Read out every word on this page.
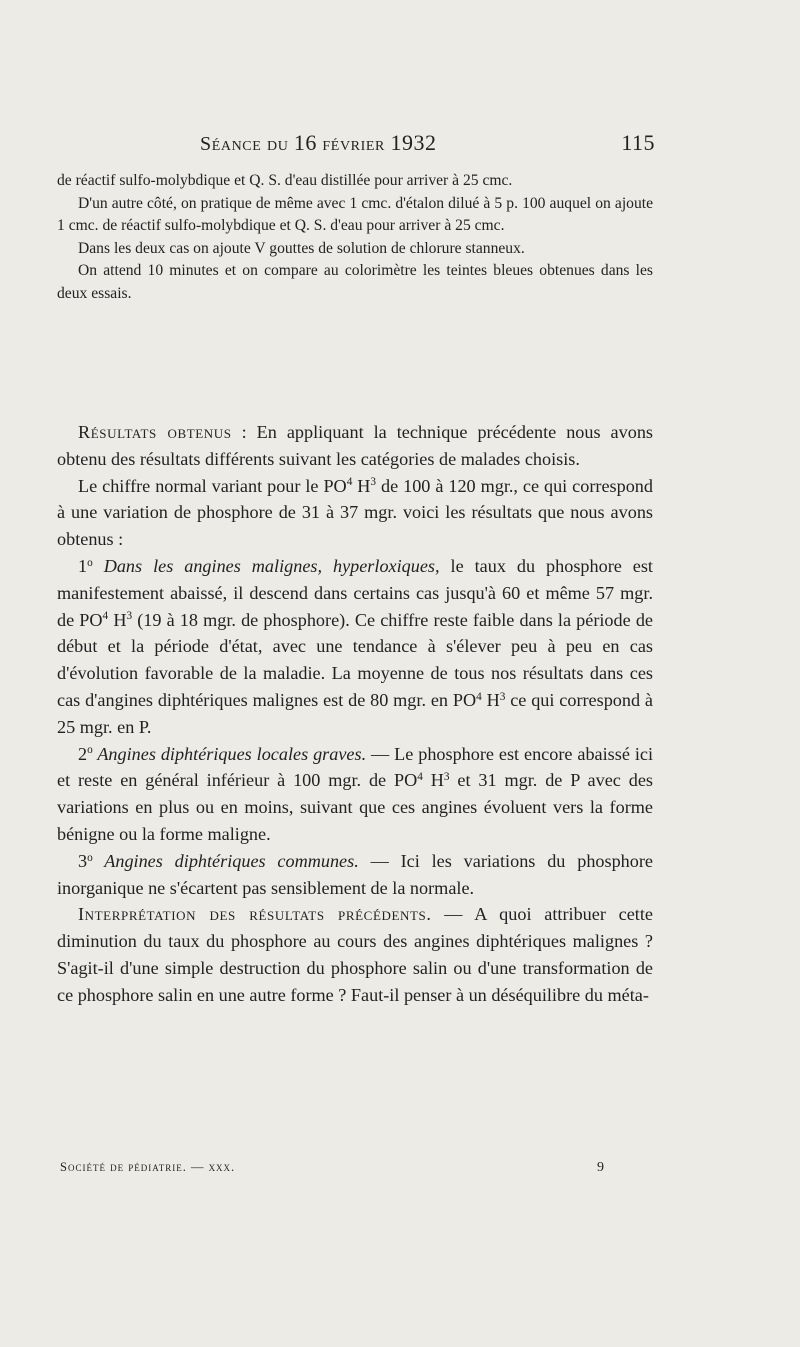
Séance du 16 février 1932	115

de réactif sulfo-molybdique et Q. S. d'eau distillée pour arriver à 25 cmc.

D'un autre côté, on pratique de même avec 1 cmc. d'étalon dilué à 5 p. 100 auquel on ajoute 1 cmc. de réactif sulfo-molybdique et Q. S. d'eau pour arriver à 25 cmc.

Dans les deux cas on ajoute V gouttes de solution de chlorure stanneux.

On attend 10 minutes et on compare au colorimètre les teintes bleues obtenues dans les deux essais.

Résultats obtenus : En appliquant la technique précédente nous avons obtenu des résultats différents suivant les catégories de malades choisis.

Le chiffre normal variant pour le $PO^4$ $H^3$ de 100 à 120 mgr., ce qui correspond à une variation de phosphore de 31 à 37 mgr. voici les résultats que nous avons obtenus :

1$^o$ Dans les angines malignes, hyperloxiques, le taux du phosphore est manifestement abaissé, il descend dans certains cas jusqu'à 60 et même 57 mgr. de $PO^4$ $H^3$ (19 à 18 mgr. de phosphore). Ce chiffre reste faible dans la période de début et la période d'état, avec une tendance à s'élever peu à peu en cas d'évolution favorable de la maladie. La moyenne de tous nos résultats dans ces cas d'angines diphtériques malignes est de 80 mgr. en $PO^4$ $H^3$ ce qui correspond à 25 mgr. en P.

2$^o$ Angines diphtériques locales graves. — Le phosphore est encore abaissé ici et reste en général inférieur à 100 mgr. de $PO^4$ $H^3$ et 31 mgr. de P avec des variations en plus ou en moins, suivant que ces angines évoluent vers la forme bénigne ou la forme maligne.

3$^o$ Angines diphtériques communes. — Ici les variations du phosphore inorganique ne s'écartent pas sensiblement de la normale.

Interprétation des résultats précédents. — A quoi attribuer cette diminution du taux du phosphore au cours des angines diphtériques malignes ? S'agit-il d'une simple destruction du phosphore salin ou d'une transformation de ce phosphore salin en une autre forme ? Faut-il penser à un déséquilibre du méta-

Société de pédiatrie. — xxx.	9
